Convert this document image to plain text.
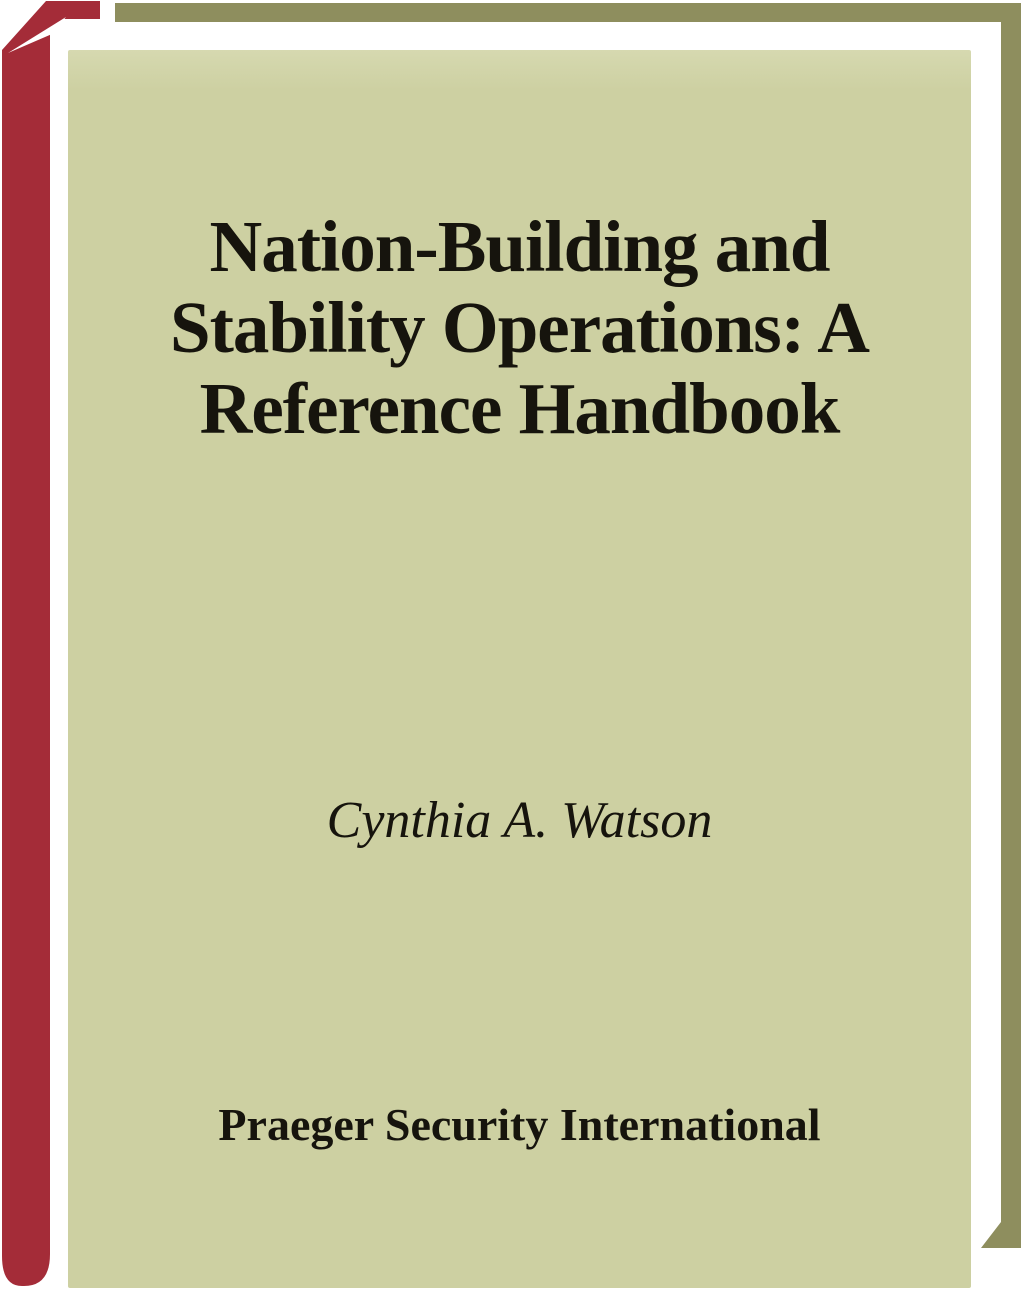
Nation-Building and
Stability Operations: A
Reference Handbook
Cynthia A. Watson
Praeger Security International
